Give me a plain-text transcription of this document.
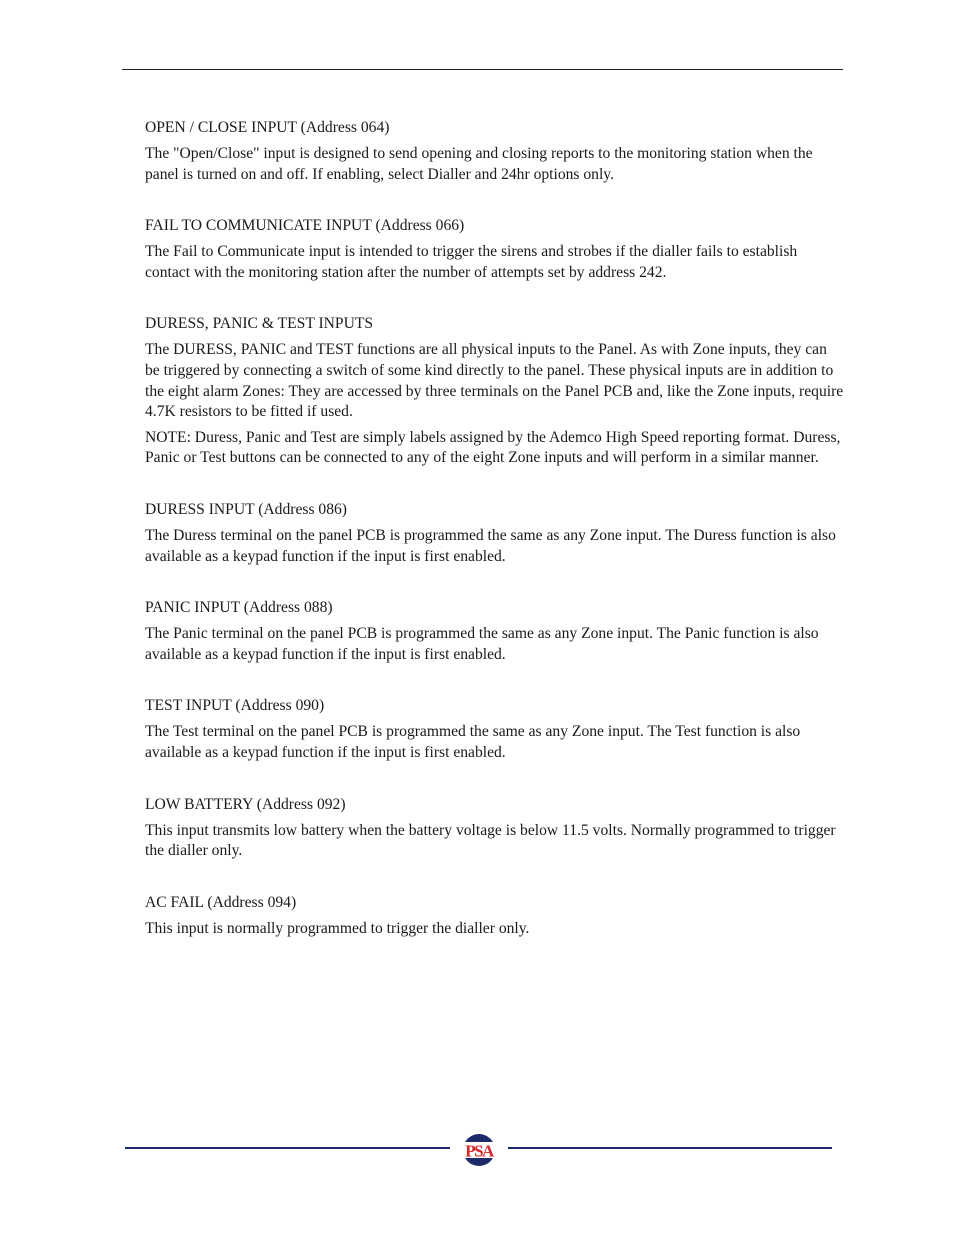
OPEN / CLOSE INPUT (Address 064)

The "Open/Close" input is designed to send opening and closing reports to the monitoring station when the panel is turned on and off. If enabling, select Dialler and 24hr options only.

FAIL TO COMMUNICATE INPUT (Address 066)

The Fail to Communicate input is intended to trigger the sirens and strobes if the dialler fails to establish contact with the monitoring station after the number of attempts set by address 242.

DURESS, PANIC & TEST INPUTS

The DURESS, PANIC and TEST functions are all physical inputs to the Panel. As with Zone inputs, they can be triggered by connecting a switch of some kind directly to the panel. These physical inputs are in addition to the eight alarm Zones: They are accessed by three terminals on the Panel PCB and, like the Zone inputs, require 4.7K resistors to be fitted if used.

NOTE: Duress, Panic and Test are simply labels assigned by the Ademco High Speed reporting format. Duress, Panic or Test buttons can be connected to any of the eight Zone inputs and will perform in a similar manner.

DURESS INPUT (Address 086)

The Duress terminal on the panel PCB is programmed the same as any Zone input. The Duress function is also available as a keypad function if the input is first enabled.

PANIC INPUT (Address 088)

The Panic terminal on the panel PCB is programmed the same as any Zone input. The Panic function is also available as a keypad function if the input is first enabled.

TEST INPUT (Address 090)

The Test terminal on the panel PCB is programmed the same as any Zone input. The Test function is also available as a keypad function if the input is first enabled.

LOW BATTERY (Address 092)

This input transmits low battery when the battery voltage is below 11.5 volts. Normally programmed to trigger the dialler only.

AC FAIL (Address 094)

This input is normally programmed to trigger the dialler only.

PSA
